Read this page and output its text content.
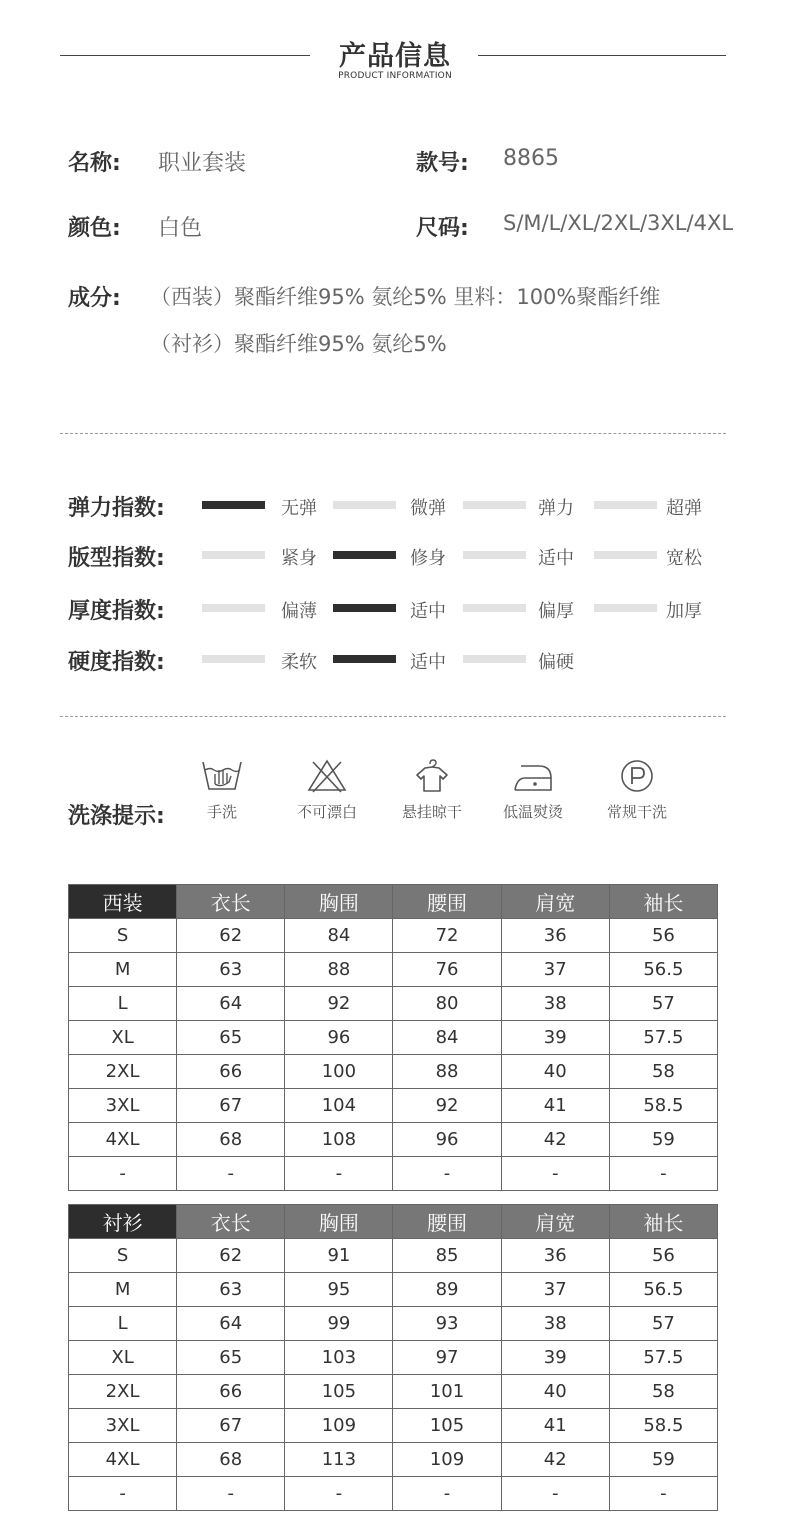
产品信息
PRODUCT INFORMATION
名称: 职业套装	款号: 8865
颜色: 白色	尺码: S/M/L/XL/2XL/3XL/4XL
成分: （西装）聚酯纤维95% 氨纶5% 里料：100%聚酯纤维
（衬衫）聚酯纤维95% 氨纶5%
弹力指数:	无弹	微弹	弹力	超弹
版型指数:	紧身	修身	适中	宽松
厚度指数:	偏薄	适中	偏厚	加厚
硬度指数:	柔软	适中	偏硬
洗涤提示:	手洗	不可漂白	悬挂晾干	低温熨烫	常规干洗
西装	衣长	胸围	腰围	肩宽	袖长
S	62	84	72	36	56
M	63	88	76	37	56.5
L	64	92	80	38	57
XL	65	96	84	39	57.5
2XL	66	100	88	40	58
3XL	67	104	92	41	58.5
4XL	68	108	96	42	59
-	-	-	-	-	-
衬衫	衣长	胸围	腰围	肩宽	袖长
S	62	91	85	36	56
M	63	95	89	37	56.5
L	64	99	93	38	57
XL	65	103	97	39	57.5
2XL	66	105	101	40	58
3XL	67	109	105	41	58.5
4XL	68	113	109	42	59
-	-	-	-	-	-
